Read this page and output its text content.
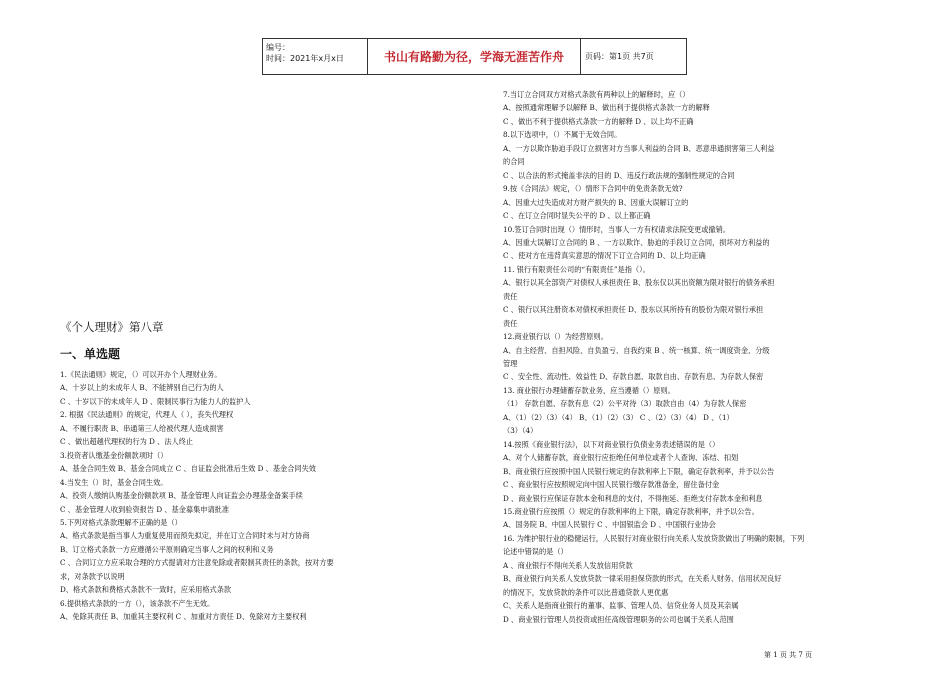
编号：
时间：2021年x月x日	书山有路勤为径，学海无涯苦作舟	页码：第1页 共7页
《个人理财》第八章
一、单选题
1.《民法通则》规定，（）可以开办个人理财业务。
A、十岁以上的未成年人 B、不能辨别自己行为的人
C 、十岁以下的未成年人 D 、限制民事行为能力人的监护人
2. 根据《民法通则》的规定，代理人（ ），丧失代理权
A、不履行职责 B、串通第三人给被代理人造成损害
C 、做出超越代理权的行为 D 、法人终止
3.投资者认缴基金份额款项时（）
A、基金合同生效 B、基金合同成立 C 、自证监会批准后生效 D 、基金合同失效
4.当发生（）时，基金合同生效。
A、投资人缴纳认购基金份额款项 B、基金管理人向证监会办理基金备案手续
C 、基金管理人收到验资报告 D 、基金募集申请批准
5.下列对格式条款理解不正确的是（）
A、格式条款是指当事人为重复使用而预先拟定，并在订立合同时未与对方协商
B、订立格式条款一方应遵循公平原则确定当事人之间的权利和义务
C 、合同订立方应采取合理的方式提请对方注意免除或者限制其责任的条款，按对方要
求，对条款予以说明
D、格式条款和费格式条款不一致时，应采用格式条款
6.提供格式条款的一方（），该条款不产生无效。
A、免除其责任 B、加重其主要权利 C 、加重对方责任 D、免除对方主要权利
7.当订立合同双方对格式条款有两种以上的解释时，应（）
A、按照通常理解予以解释 B、做出利于提供格式条款一方的解释
C 、做出不利于提供格式条款一方的解释 D 、以上均不正确
8.以下选项中，（）不属于无效合同。
A、一方以欺诈胁迫手段订立损害对方当事人利益的合同 B、恶意串通损害第三人利益
的合同
C 、以合法的形式掩盖非法的目的 D、违反行政法规的强制性规定的合同
9.按《合同法》规定，（）情形下合同中的免责条款无效?
A、因重大过失造成对方财产损失的 B、因重大误解订立的
C 、在订立合同时显失公平的 D 、以上都正确
10.签订合同时出现（）情形时，当事人一方有权请求法院变更或撤销。
A、因重大误解订立合同的 B 、一方以欺诈、胁迫的手段订立合同，损坏对方利益的
C 、使对方在违背真实意思的情况下订立合同的 D、以上均正确
11. 银行有限责任公司的“有限责任”是指（）。
A、银行以其全部资产对债权人承担责任 B、股东仅以其出资额为限对银行的债务承担
责任
C 、银行以其注册资本对债权承担责任 D、股东以其所持有的股份为限对银行承担
责任
12.商业银行以（）为经营原则。
A、自主经营、自担风险、自负盈亏、自我约束 B 、统一核算、统一调度资金、分级
管理
C 、安全性、流动性、效益性 D、存款自愿、取款自由、存款有息、为存款人保密
13. 商业银行办理储蓄存款业务，应当遵循（）原则。
（1） 存款自愿、存款有息（2）公平对待（3）取款自由（4）为存款人保密
A、（1）（2）（3）（4） B、（1）（2）（3） C 、（2）（3）（4） D 、（1）
（3）（4）
14.按照《商业银行法》，以下对商业银行负债业务表述错误的是（）
A、对个人储蓄存款，商业银行应拒绝任何单位或者个人查询、冻结、扣划
B、商业银行应按照中国人民银行规定的存款利率上下限，确定存款利率，并予以公告
C 、商业银行应按照规定向中国人民银行缴存款准备金，留住备付金
D 、商业银行应保证存款本金和利息的支付，不得拖延、拒绝支付存款本金和利息
15.商业银行应按照（）规定的存款利率的上下限，确定存款利率，并予以公告。
A、国务院 B、中国人民银行 C 、中国银监会 D 、中国银行业协会
16. 为维护银行业的稳健运行，人民银行对商业银行向关系人发放贷款做出了明确的限制，下列
论述中错误的是（）
A 、商业银行不得向关系人发放信用贷款
B、商业银行向关系人发放贷款一律采用担保贷款的形式，在关系人财务、信用状况良好
的情况下，发放贷款的条件可以比普通贷款人更优惠
C、关系人是指商业银行的董事、监事、管理人员、信贷业务人员及其亲属
D 、商业银行管理人员投资或担任高级管理职务的公司也属于关系人范围
第 1 页 共 7 页
